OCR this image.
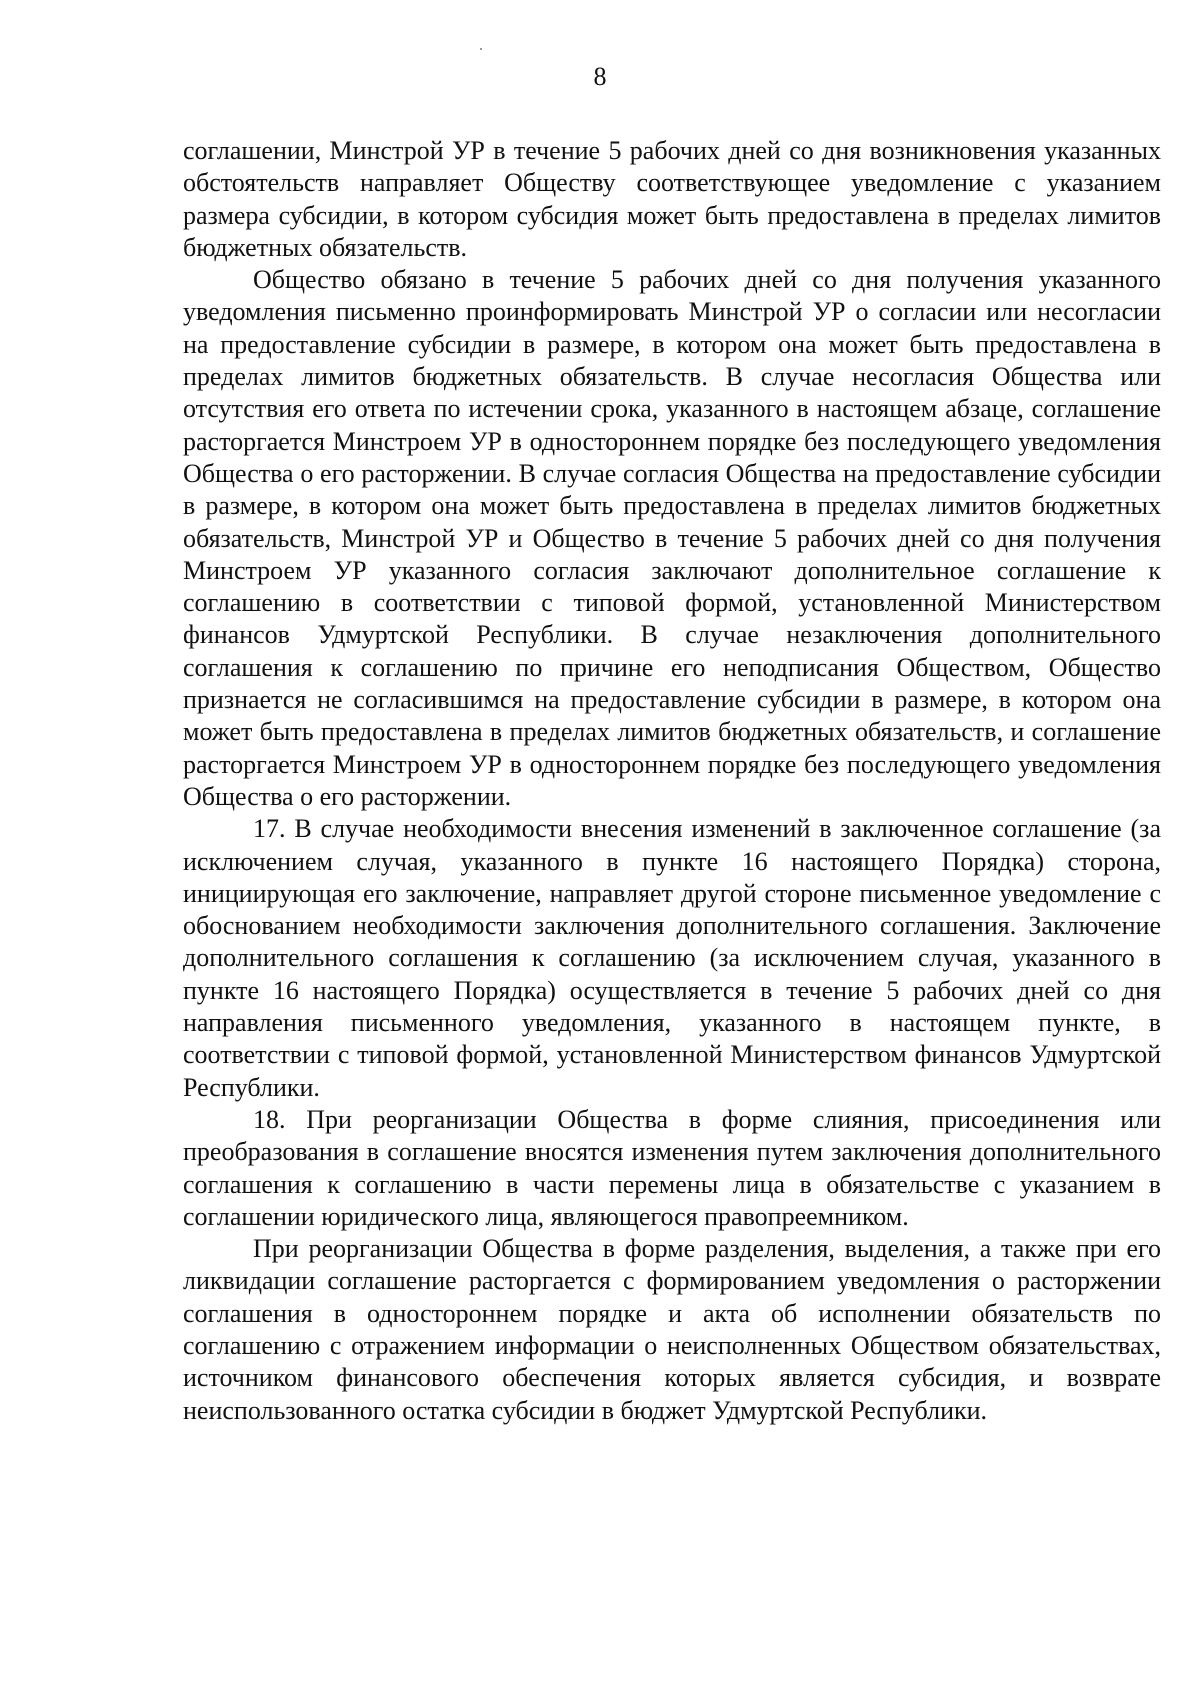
8

соглашении, Минстрой УР в течение 5 рабочих дней со дня возникновения указанных обстоятельств направляет Обществу соответствующее уведомление с указанием размера субсидии, в котором субсидия может быть предоставлена в пределах лимитов бюджетных обязательств.

Общество обязано в течение 5 рабочих дней со дня получения указанного уведомления письменно проинформировать Минстрой УР о согласии или несогласии на предоставление субсидии в размере, в котором она может быть предоставлена в пределах лимитов бюджетных обязательств. В случае несогласия Общества или отсутствия его ответа по истечении срока, указанного в настоящем абзаце, соглашение расторгается Минстроем УР в одностороннем порядке без последующего уведомления Общества о его расторжении. В случае согласия Общества на предоставление субсидии в размере, в котором она может быть предоставлена в пределах лимитов бюджетных обязательств, Минстрой УР и Общество в течение 5 рабочих дней со дня получения Минстроем УР указанного согласия заключают дополнительное соглашение к соглашению в соответствии с типовой формой, установленной Министерством финансов Удмуртской Республики. В случае незаключения дополнительного соглашения к соглашению по причине его неподписания Обществом, Общество признается не согласившимся на предоставление субсидии в размере, в котором она может быть предоставлена в пределах лимитов бюджетных обязательств, и соглашение расторгается Минстроем УР в одностороннем порядке без последующего уведомления Общества о его расторжении.

17. В случае необходимости внесения изменений в заключенное соглашение (за исключением случая, указанного в пункте 16 настоящего Порядка) сторона, инициирующая его заключение, направляет другой стороне письменное уведомление с обоснованием необходимости заключения дополнительного соглашения. Заключение дополнительного соглашения к соглашению (за исключением случая, указанного в пункте 16 настоящего Порядка) осуществляется в течение 5 рабочих дней со дня направления письменного уведомления, указанного в настоящем пункте, в соответствии с типовой формой, установленной Министерством финансов Удмуртской Республики.

18. При реорганизации Общества в форме слияния, присоединения или преобразования в соглашение вносятся изменения путем заключения дополнительного соглашения к соглашению в части перемены лица в обязательстве с указанием в соглашении юридического лица, являющегося правопреемником.

При реорганизации Общества в форме разделения, выделения, а также при его ликвидации соглашение расторгается с формированием уведомления о расторжении соглашения в одностороннем порядке и акта об исполнении обязательств по соглашению с отражением информации о неисполненных Обществом обязательствах, источником финансового обеспечения которых является субсидия, и возврате неиспользованного остатка субсидии в бюджет Удмуртской Республики.
